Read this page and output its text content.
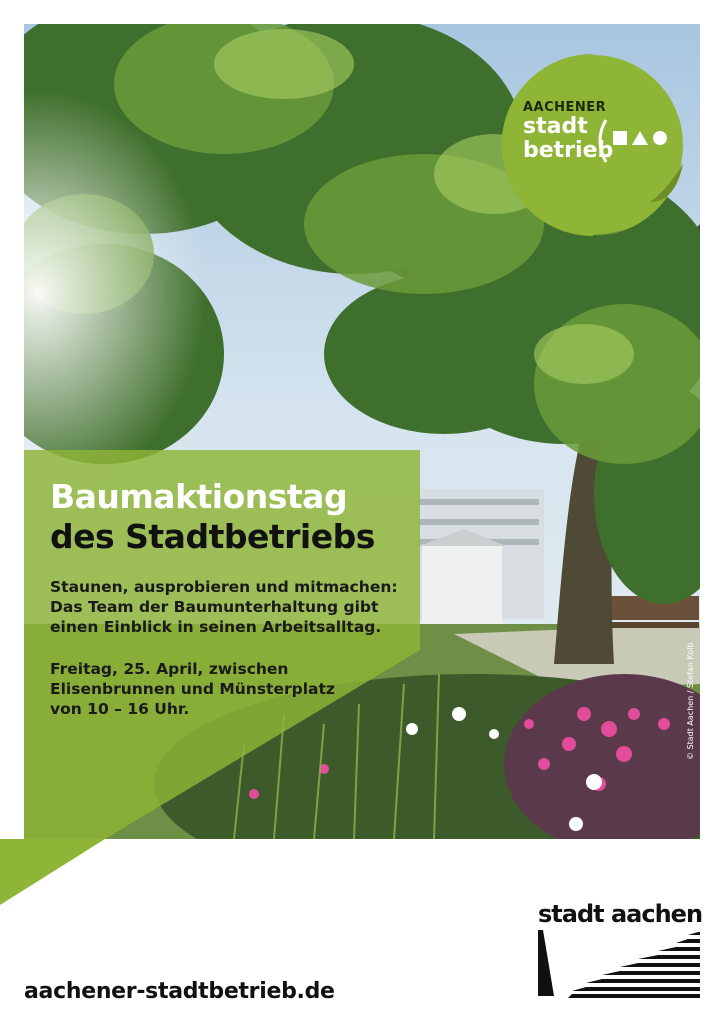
Baumaktionstag
des Stadtbetriebs

Staunen, ausprobieren und mitmachen:
Das Team der Baumunterhaltung gibt
einen Einblick in seinen Arbeitsalltag.

Freitag, 25. April, zwischen
Elisenbrunnen und Münsterplatz
von 10 – 16 Uhr.

AACHENER
stadt
betrieb
© Stadt Aachen / Stefan Kolb
aachener-stadtbetrieb.de
stadt aachen
